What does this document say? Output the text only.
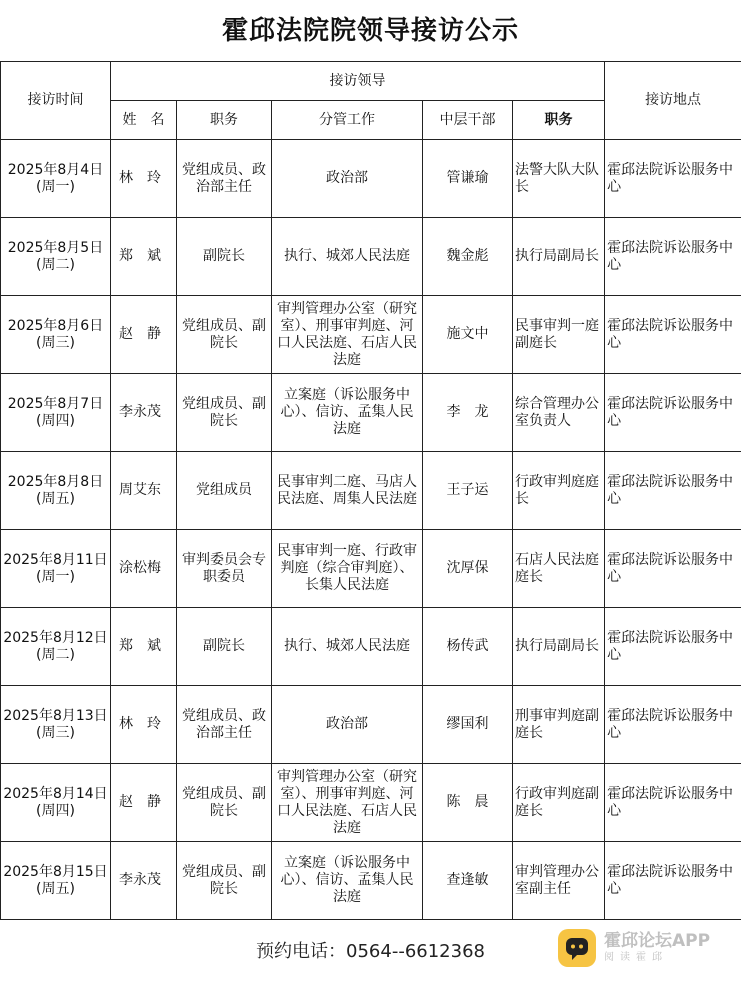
霍邱法院院领导接访公示
接访时间	接访领导					接访地点
	姓　名	职务	分管工作	中层干部	职务	

2025年8月4日
(周一)	林　玲	党组成员、政治部主任	政治部	管谦瑜	法警大队大队长	霍邱法院诉讼服务中心

2025年8月5日
(周二)	郑　斌	副院长	执行、城郊人民法庭	魏金彪	执行局副局长	霍邱法院诉讼服务中心

2025年8月6日
(周三)	赵　静	党组成员、副院长	审判管理办公室（研究室）、刑事审判庭、河口人民法庭、石店人民法庭	施文中	民事审判一庭副庭长	霍邱法院诉讼服务中心

2025年8月7日
(周四)	李永茂	党组成员、副院长	立案庭（诉讼服务中心）、信访、孟集人民法庭	李　龙	综合管理办公室负责人	霍邱法院诉讼服务中心

2025年8月8日
(周五)	周艾东	党组成员	民事审判二庭、马店人民法庭、周集人民法庭	王子运	行政审判庭庭长	霍邱法院诉讼服务中心

2025年8月11日
(周一)	涂松梅	审判委员会专职委员	民事审判一庭、行政审判庭（综合审判庭）、长集人民法庭	沈厚保	石店人民法庭庭长	霍邱法院诉讼服务中心

2025年8月12日
(周二)	郑　斌	副院长	执行、城郊人民法庭	杨传武	执行局副局长	霍邱法院诉讼服务中心

2025年8月13日
(周三)	林　玲	党组成员、政治部主任	政治部	缪国利	刑事审判庭副庭长	霍邱法院诉讼服务中心

2025年8月14日
(周四)	赵　静	党组成员、副院长	审判管理办公室（研究室）、刑事审判庭、河口人民法庭、石店人民法庭	陈　晨	行政审判庭副庭长	霍邱法院诉讼服务中心

2025年8月15日
(周五)	李永茂	党组成员、副院长	立案庭（诉讼服务中心）、信访、孟集人民法庭	查逢敏	审判管理办公室副主任	霍邱法院诉讼服务中心
预约电话：0564--6612368	霍邱论坛APP
阅读霍邱
